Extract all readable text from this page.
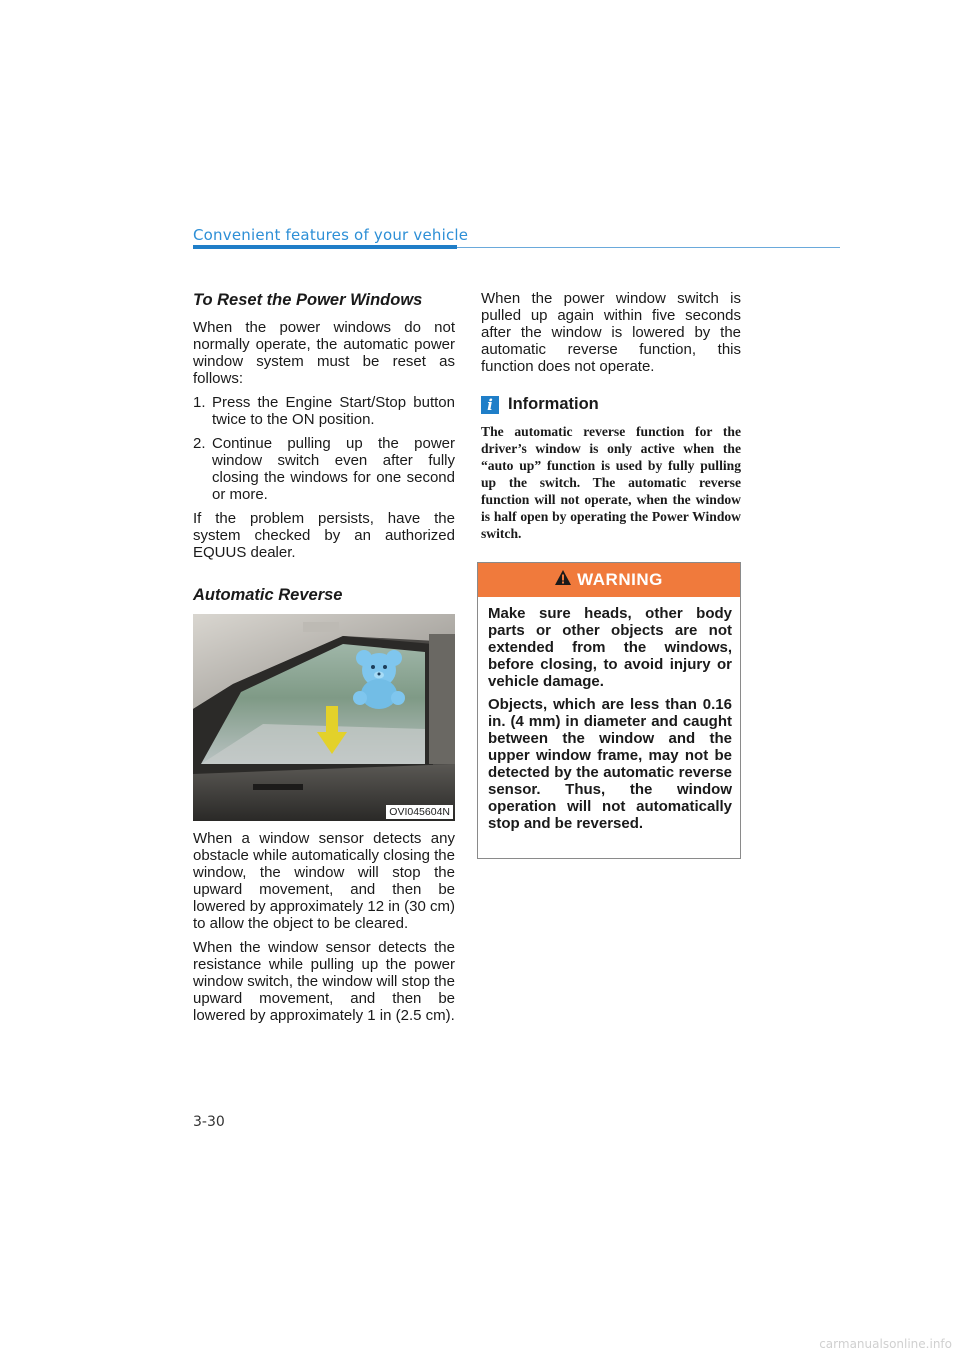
Convenient features of your vehicle
To Reset the Power Windows

When the power windows do not normally operate, the automatic power window system must be reset as follows:

1. Press the Engine Start/Stop button twice to the ON position.
2. Continue pulling up the power window switch even after fully closing the windows for one second or more.

If the problem persists, have the system checked by an authorized EQUUS dealer.

Automatic Reverse
OVI045604N

When a window sensor detects any obstacle while automatically closing the window, the window will stop the upward movement, and then be lowered by approximately 12 in (30 cm) to allow the object to be cleared.

When the window sensor detects the resistance while pulling up the power window switch, the window will stop the upward movement, and then be lowered by approximately 1 in (2.5 cm).

When the power window switch is pulled up again within five seconds after the window is lowered by the automatic reverse function, this function does not operate.

i Information

The automatic reverse function for the driver’s window is only active when the “auto up” function is used by fully pulling up the switch. The automatic reverse function will not operate, when the window is half open by operating the Power Window switch.

WARNING

Make sure heads, other body parts or other objects are not extended from the windows, before closing, to avoid injury or vehicle damage.

Objects, which are less than 0.16 in. (4 mm) in diameter and caught between the window and the upper window frame, may not be detected by the automatic reverse sensor. Thus, the window operation will not automatically stop and be reversed.

3-30
carmanualsonline.info
